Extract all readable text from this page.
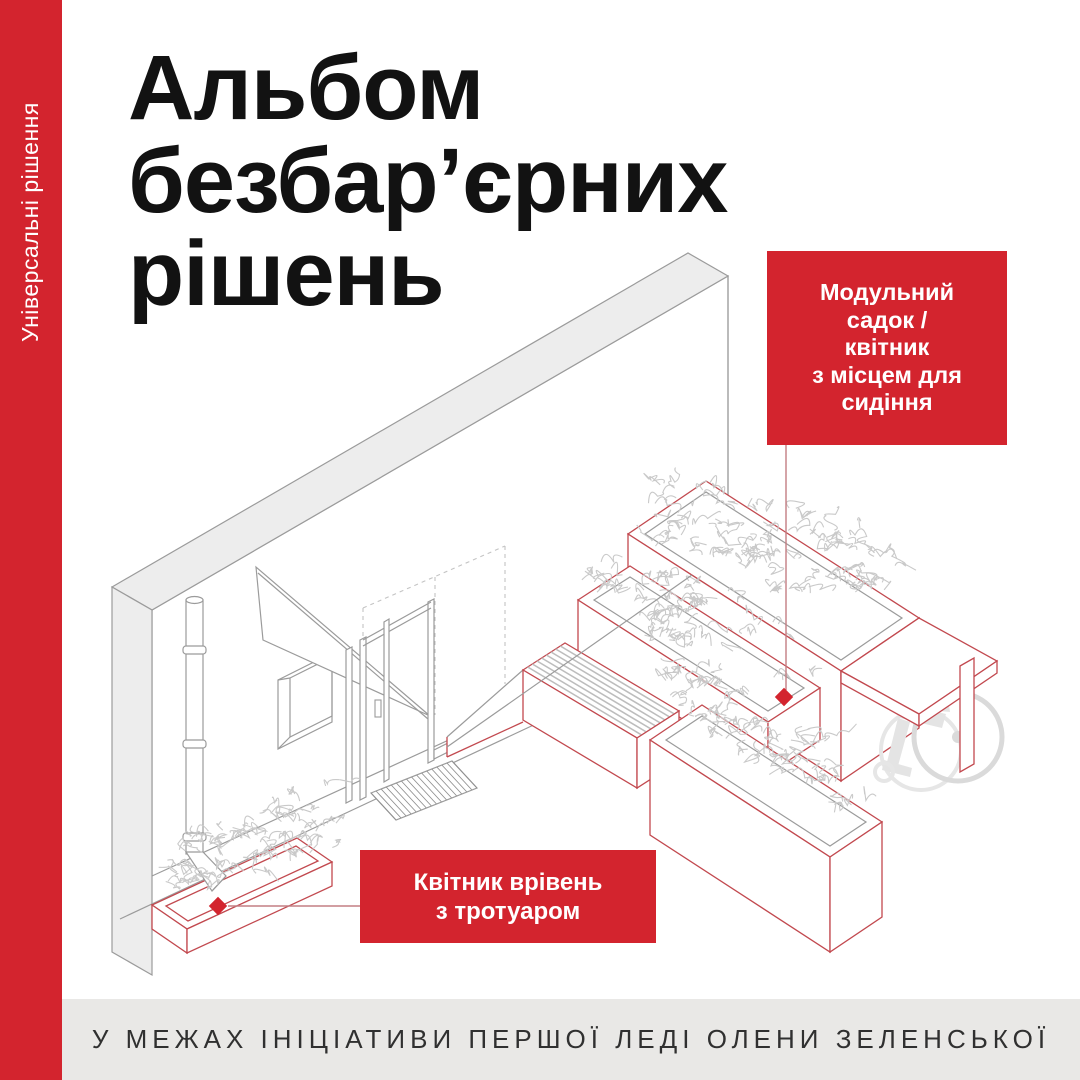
Універсальні рішення
Альбом
безбар’єрних
рішень	Модульний
садок /
квітник
з місцем для
сидіння
Квітник врівень
з тротуаром
У МЕЖАХ ІНІЦІАТИВИ ПЕРШОЇ ЛЕДІ ОЛЕНИ ЗЕЛЕНСЬКОЇ
